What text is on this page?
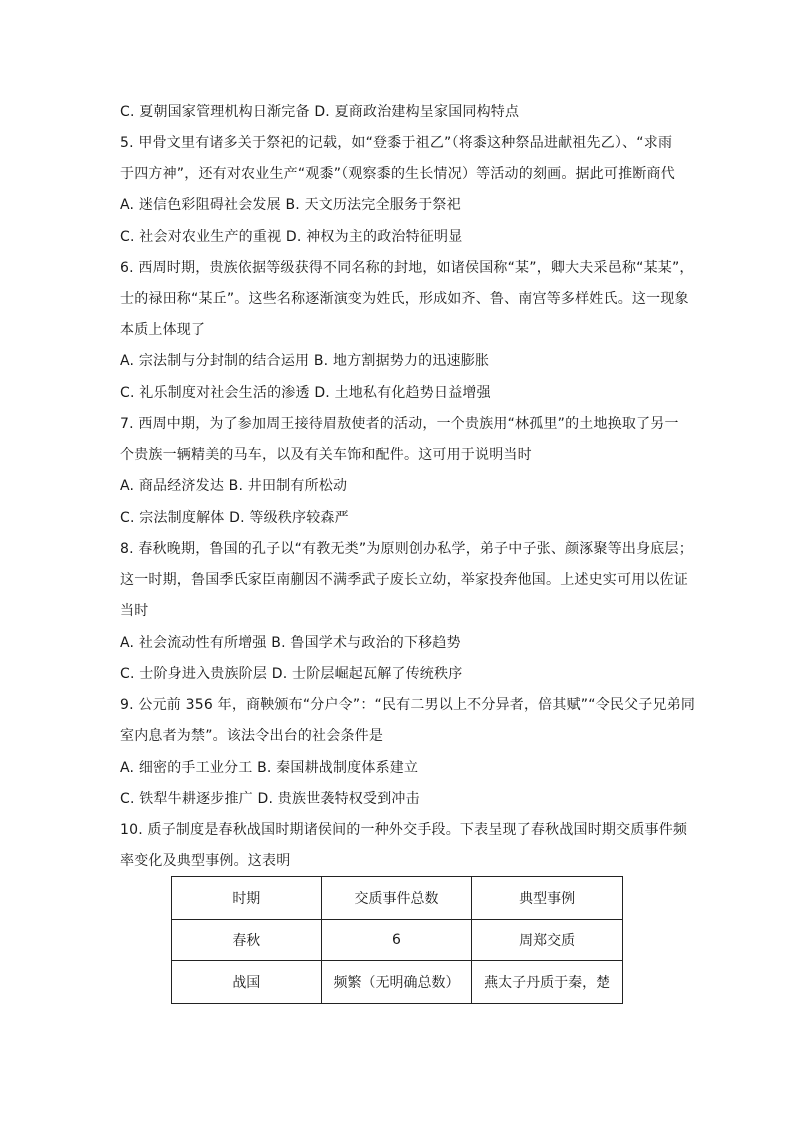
C. 夏朝国家管理机构日渐完备 D. 夏商政治建构呈家国同构特点
5. 甲骨文里有诸多关于祭祀的记载，如“登黍于祖乙”（将黍这种祭品进献祖先乙）、“求雨
于四方神”，还有对农业生产“观黍”（观察黍的生长情况）等活动的刻画。据此可推断商代
A. 迷信色彩阻碍社会发展 B. 天文历法完全服务于祭祀
C. 社会对农业生产的重视 D. 神权为主的政治特征明显
6. 西周时期，贵族依据等级获得不同名称的封地，如诸侯国称“某”，卿大夫采邑称“某某”，
士的禄田称“某丘”。这些名称逐渐演变为姓氏，形成如齐、鲁、南宫等多样姓氏。这一现象
本质上体现了
A. 宗法制与分封制的结合运用 B. 地方割据势力的迅速膨胀
C. 礼乐制度对社会生活的渗透 D. 土地私有化趋势日益增强
7. 西周中期，为了参加周王接待眉敖使者的活动，一个贵族用“林孤里”的土地换取了另一
个贵族一辆精美的马车，以及有关车饰和配件。这可用于说明当时
A. 商品经济发达 B. 井田制有所松动
C. 宗法制度解体 D. 等级秩序较森严
8. 春秋晚期，鲁国的孔子以“有教无类”为原则创办私学，弟子中子张、颜涿聚等出身底层；
这一时期，鲁国季氏家臣南蒯因不满季武子废长立幼，举家投奔他国。上述史实可用以佐证
当时
A. 社会流动性有所增强 B. 鲁国学术与政治的下移趋势
C. 士阶身进入贵族阶层 D. 士阶层崛起瓦解了传统秩序
9. 公元前 356 年，商鞅颁布“分户令”：“民有二男以上不分异者，倍其赋”“令民父子兄弟同
室内息者为禁”。该法令出台的社会条件是
A. 细密的手工业分工 B. 秦国耕战制度体系建立
C. 铁犁牛耕逐步推广 D. 贵族世袭特权受到冲击
10. 质子制度是春秋战国时期诸侯间的一种外交手段。下表呈现了春秋战国时期交质事件频
率变化及典型事例。这表明
时期	交质事件总数	典型事例
春秋	6	周郑交质
战国	频繁（无明确总数）	燕太子丹质于秦，楚
